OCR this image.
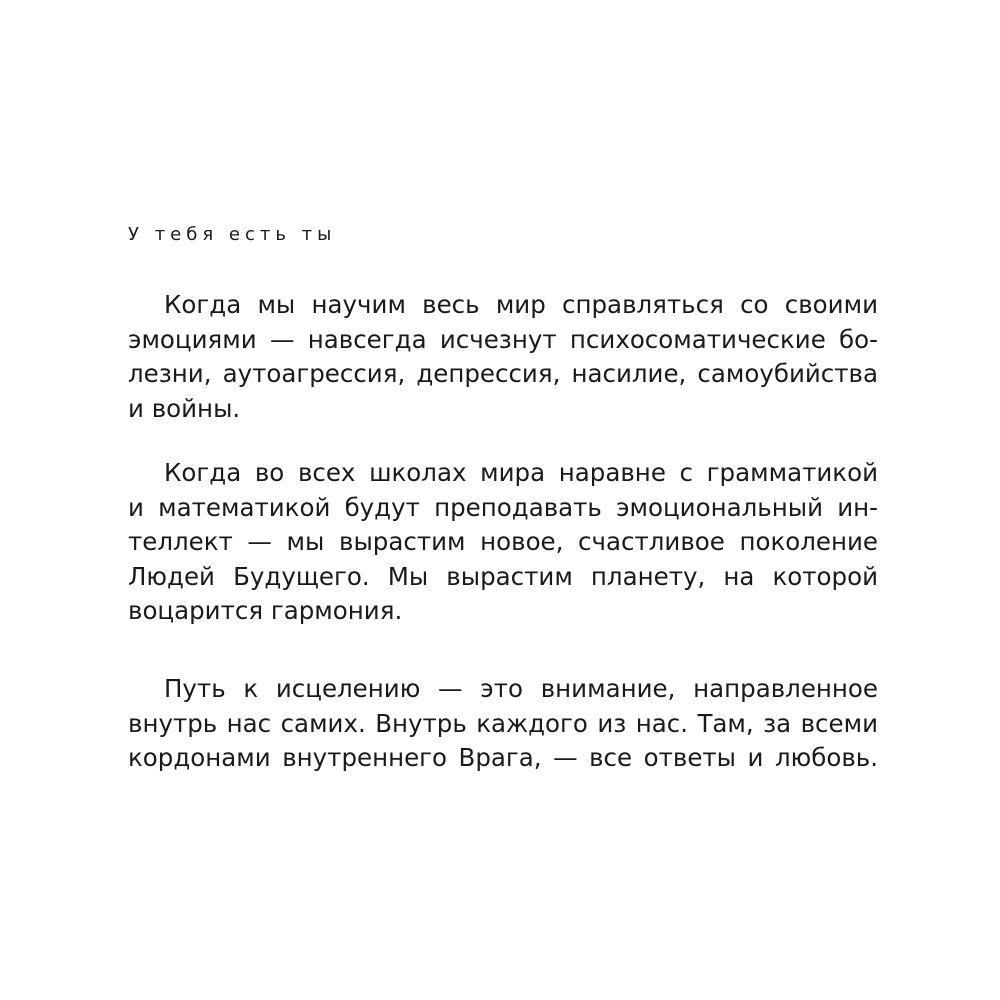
У тебя есть ты
Когда мы научим весь мир справляться со своими
эмоциями — навсегда исчезнут психосоматические бо-
лезни, аутоагрессия, депрессия, насилие, самоубийства
и войны.
Когда во всех школах мира наравне с грамматикой
и математикой будут преподавать эмоциональный ин-
теллект — мы вырастим новое, счастливое поколение
Людей Будущего. Мы вырастим планету, на которой
воцарится гармония.
Путь к исцелению — это внимание, направленное
внутрь нас самих. Внутрь каждого из нас. Там, за всеми
кордонами внутреннего Врага, — все ответы и любовь.
